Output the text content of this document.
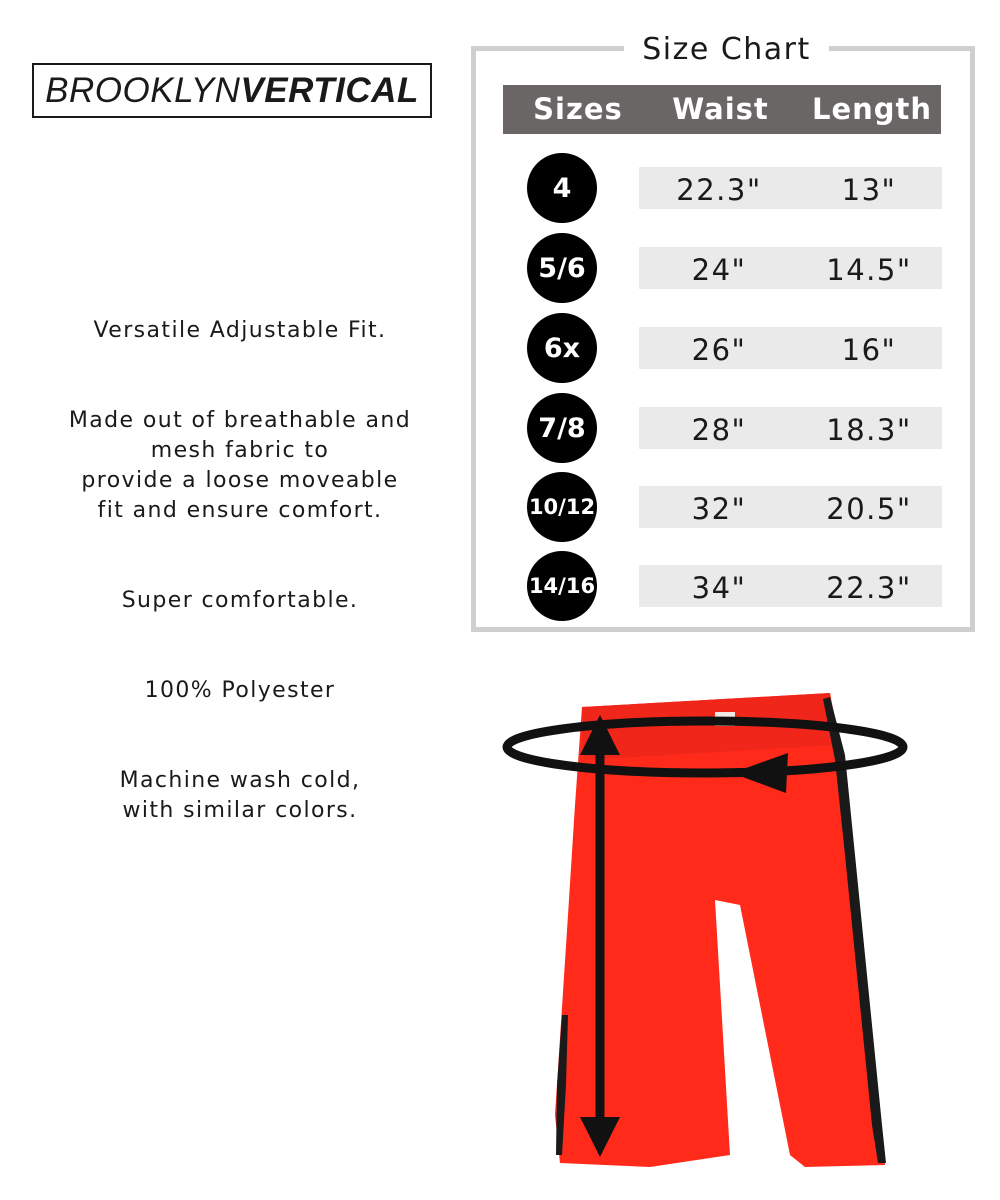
BROOKLYN VERTICAL

Versatile Adjustable Fit.

Made out of breathable and
mesh fabric to
provide a loose moveable
fit and ensure comfort.

Super comfortable.

100% Polyester

Machine wash cold,
with similar colors.

Size Chart
Sizes	Waist	Length
4	22.3"	13"
5/6	24"	14.5"
6x	26"	16"
7/8	28"	18.3"
10/12	32"	20.5"
14/16	34"	22.3"
